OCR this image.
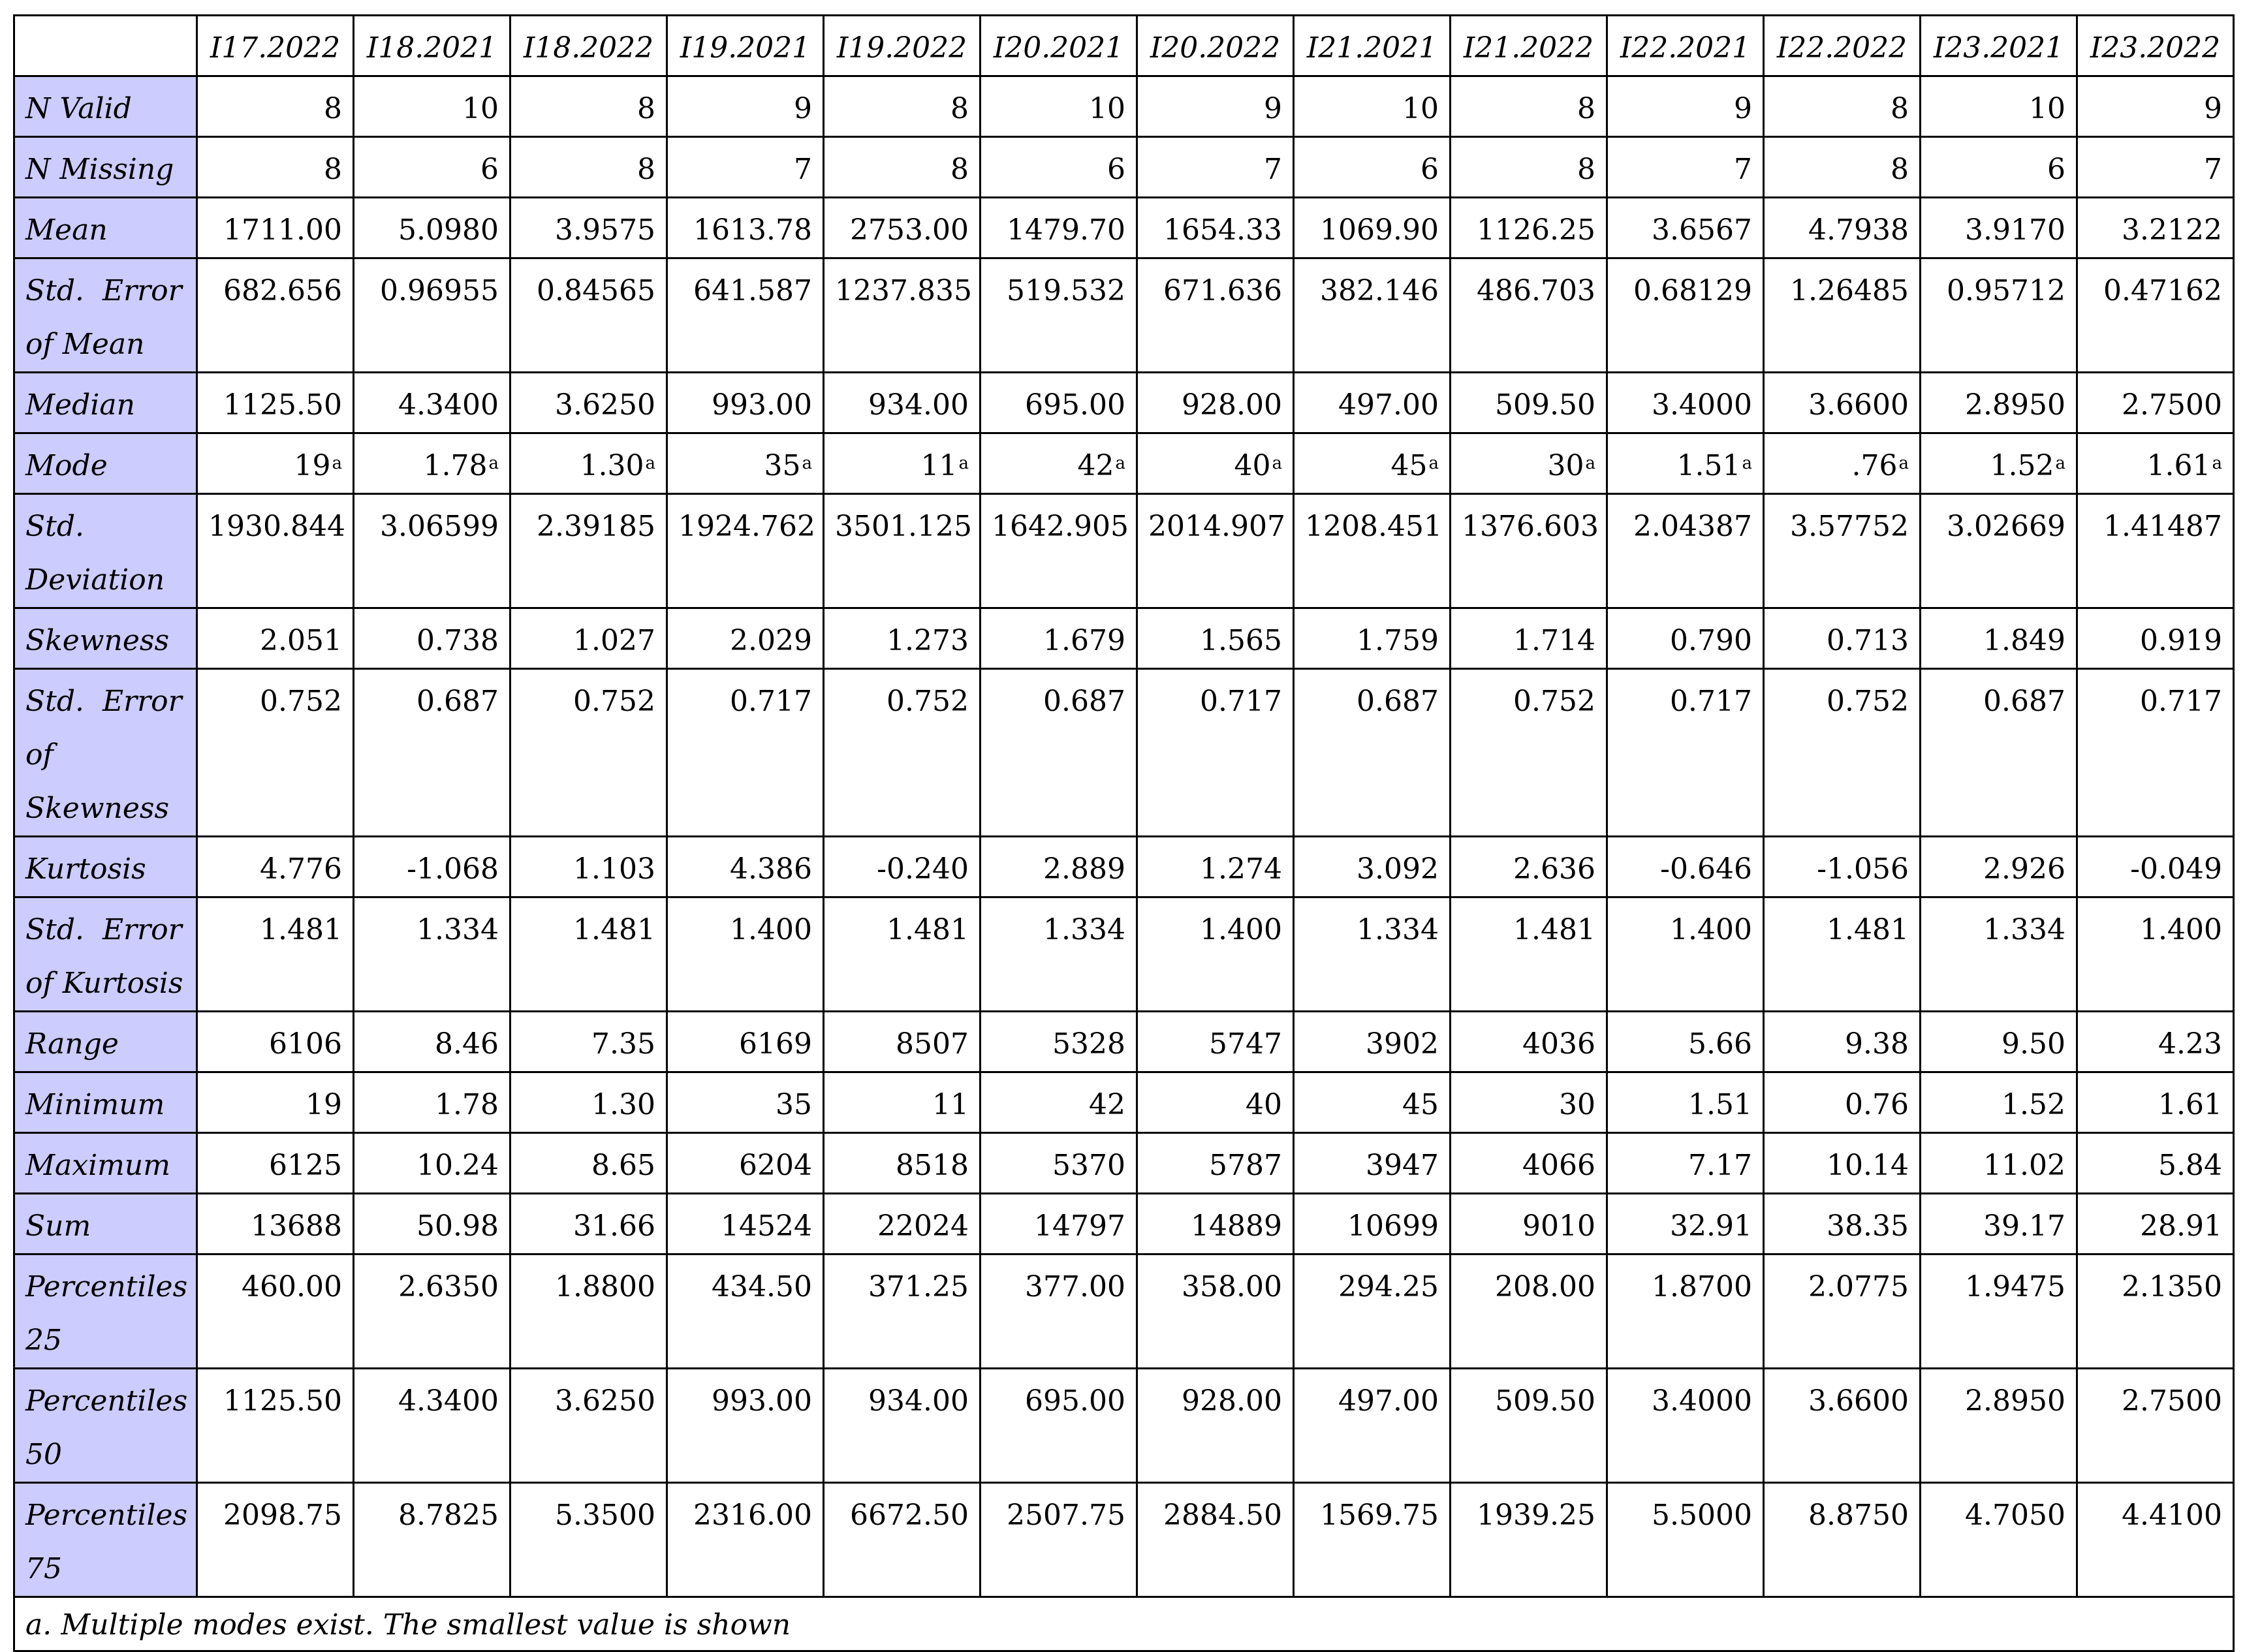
	I17.2022	I18.2021	I18.2022	I19.2021	I19.2022	I20.2021	I20.2022	I21.2021	I21.2022	I22.2021	I22.2022	I23.2021	I23.2022
N Valid	8	10	8	9	8	10	9	10	8	9	8	10	9
N Missing	8	6	8	7	8	6	7	6	8	7	8	6	7
Mean	1711.00	5.0980	3.9575	1613.78	2753.00	1479.70	1654.33	1069.90	1126.25	3.6567	4.7938	3.9170	3.2122
Std.  Error
of Mean	682.656	0.96955	0.84565	641.587	1237.835	519.532	671.636	382.146	486.703	0.68129	1.26485	0.95712	0.47162
Median	1125.50	4.3400	3.6250	993.00	934.00	695.00	928.00	497.00	509.50	3.4000	3.6600	2.8950	2.7500
Mode	19$^a$	1.78$^a$	1.30$^a$	35$^a$	11$^a$	42$^a$	40$^a$	45$^a$	30$^a$	1.51$^a$	.76$^a$	1.52$^a$	1.61$^a$
Std.
Deviation	1930.844	3.06599	2.39185	1924.762	3501.125	1642.905	2014.907	1208.451	1376.603	2.04387	3.57752	3.02669	1.41487
Skewness	2.051	0.738	1.027	2.029	1.273	1.679	1.565	1.759	1.714	0.790	0.713	1.849	0.919
Std.  Error
of
Skewness	0.752	0.687	0.752	0.717	0.752	0.687	0.717	0.687	0.752	0.717	0.752	0.687	0.717
Kurtosis	4.776	-1.068	1.103	4.386	-0.240	2.889	1.274	3.092	2.636	-0.646	-1.056	2.926	-0.049
Std.  Error
of Kurtosis	1.481	1.334	1.481	1.400	1.481	1.334	1.400	1.334	1.481	1.400	1.481	1.334	1.400
Range	6106	8.46	7.35	6169	8507	5328	5747	3902	4036	5.66	9.38	9.50	4.23
Minimum	19	1.78	1.30	35	11	42	40	45	30	1.51	0.76	1.52	1.61
Maximum	6125	10.24	8.65	6204	8518	5370	5787	3947	4066	7.17	10.14	11.02	5.84
Sum	13688	50.98	31.66	14524	22024	14797	14889	10699	9010	32.91	38.35	39.17	28.91
Percentiles
25	460.00	2.6350	1.8800	434.50	371.25	377.00	358.00	294.25	208.00	1.8700	2.0775	1.9475	2.1350
Percentiles
50	1125.50	4.3400	3.6250	993.00	934.00	695.00	928.00	497.00	509.50	3.4000	3.6600	2.8950	2.7500
Percentiles
75	2098.75	8.7825	5.3500	2316.00	6672.50	2507.75	2884.50	1569.75	1939.25	5.5000	8.8750	4.7050	4.4100
a. Multiple modes exist. The smallest value is shown													
